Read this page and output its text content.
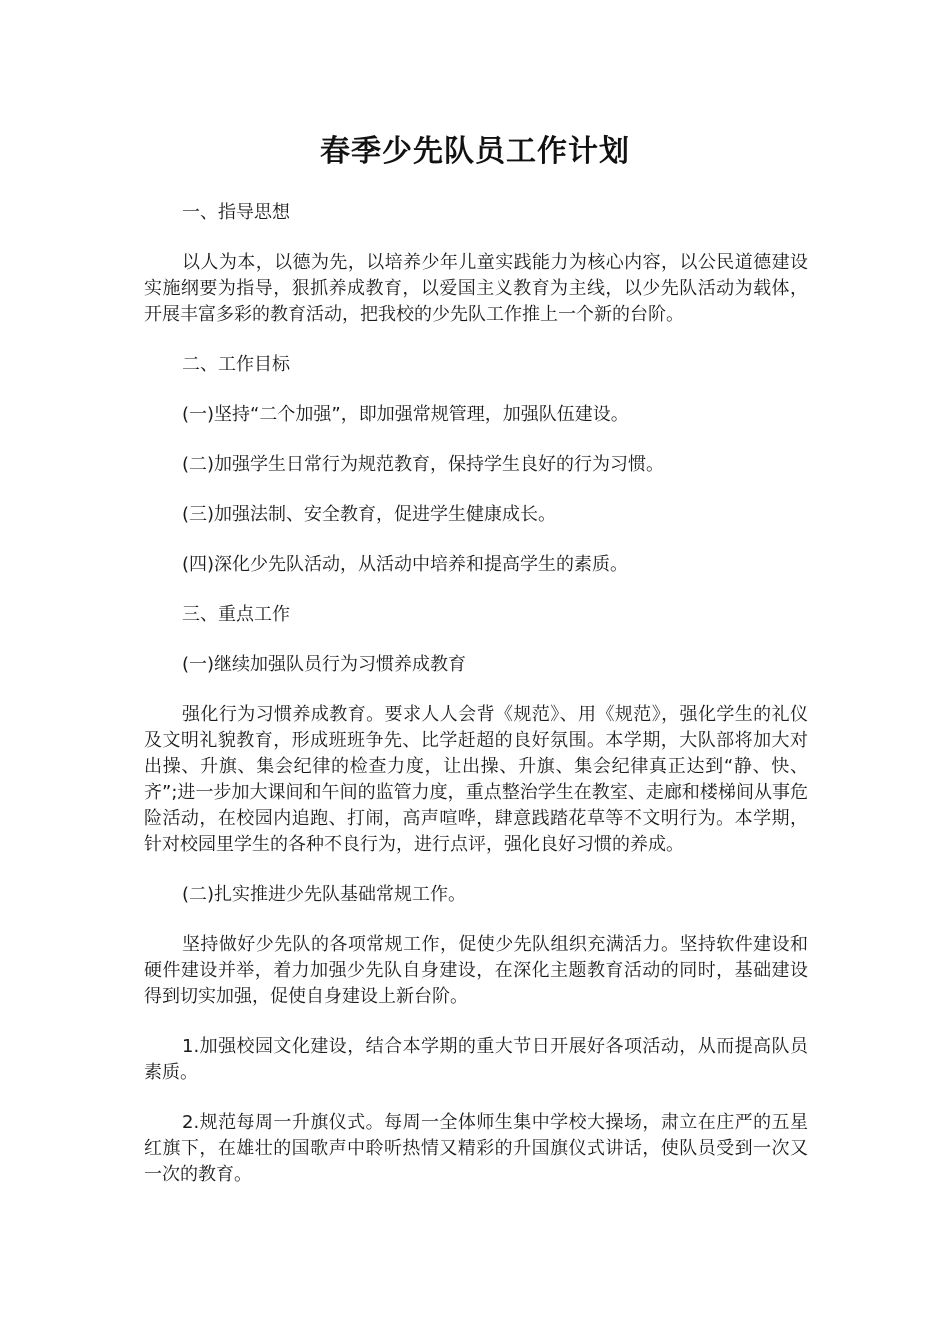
春季少先队员工作计划

一、指导思想

以人为本，以德为先，以培养少年儿童实践能力为核心内容，以公民道德建设实施纲要为指导，狠抓养成教育，以爱国主义教育为主线，以少先队活动为载体，开展丰富多彩的教育活动，把我校的少先队工作推上一个新的台阶。

二、工作目标

(一)坚持“二个加强”，即加强常规管理，加强队伍建设。

(二)加强学生日常行为规范教育，保持学生良好的行为习惯。

(三)加强法制、安全教育，促进学生健康成长。

(四)深化少先队活动，从活动中培养和提高学生的素质。

三、重点工作

(一)继续加强队员行为习惯养成教育

强化行为习惯养成教育。要求人人会背《规范》、用《规范》，强化学生的礼仪及文明礼貌教育，形成班班争先、比学赶超的良好氛围。本学期，大队部将加大对出操、升旗、集会纪律的检查力度，让出操、升旗、集会纪律真正达到“静、快、齐”;进一步加大课间和午间的监管力度，重点整治学生在教室、走廊和楼梯间从事危险活动，在校园内追跑、打闹，高声喧哗，肆意践踏花草等不文明行为。本学期，针对校园里学生的各种不良行为，进行点评，强化良好习惯的养成。

(二)扎实推进少先队基础常规工作。

坚持做好少先队的各项常规工作，促使少先队组织充满活力。坚持软件建设和硬件建设并举，着力加强少先队自身建设，在深化主题教育活动的同时，基础建设得到切实加强，促使自身建设上新台阶。

1.加强校园文化建设，结合本学期的重大节日开展好各项活动，从而提高队员素质。

2.规范每周一升旗仪式。每周一全体师生集中学校大操场，肃立在庄严的五星红旗下，在雄壮的国歌声中聆听热情又精彩的升国旗仪式讲话，使队员受到一次又一次的教育。
